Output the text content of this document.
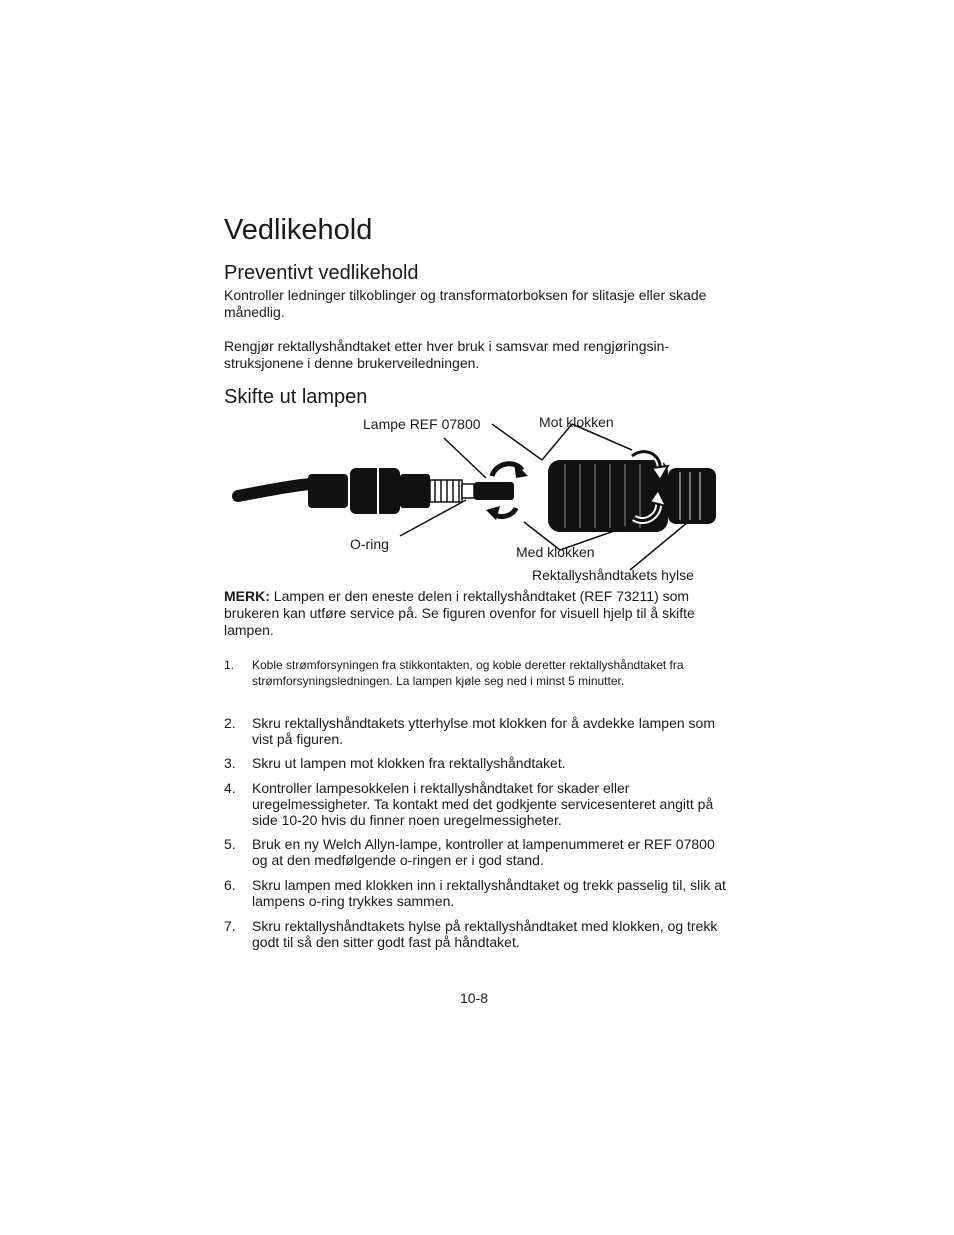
Vedlikehold
Preventivt vedlikehold

Kontroller ledninger tilkoblinger og transformatorboksen for slitasje eller skade månedlig.

Rengjør rektallyshåndtaket etter hver bruk i samsvar med rengjøringsin-struksjonene i denne brukerveiledningen.

Skifte ut lampen
Lampe REF 07800	Mot klokken
O-ring	Med klokken
Rektallyshåndtakets hylse

MERK: Lampen er den eneste delen i rektallyshåndtaket (REF 73211) som brukeren kan utføre service på. Se figuren ovenfor for visuell hjelp til å skifte lampen.

1. Koble strømforsyningen fra stikkontakten, og koble deretter rektallyshåndtaket fra strømforsyningsledningen. La lampen kjøle seg ned i minst 5 minutter.
2. Skru rektallyshåndtakets ytterhylse mot klokken for å avdekke lampen som vist på figuren.
3. Skru ut lampen mot klokken fra rektallyshåndtaket.
4. Kontroller lampesokkelen i rektallyshåndtaket for skader eller uregelmessigheter. Ta kontakt med det godkjente servicesenteret angitt på side 10-20 hvis du finner noen uregelmessigheter.
5. Bruk en ny Welch Allyn-lampe, kontroller at lampenummeret er REF 07800 og at den medfølgende o-ringen er i god stand.
6. Skru lampen med klokken inn i rektallyshåndtaket og trekk passelig til, slik at lampens o-ring trykkes sammen.
7. Skru rektallyshåndtakets hylse på rektallyshåndtaket med klokken, og trekk godt til så den sitter godt fast på håndtaket.
10-8
